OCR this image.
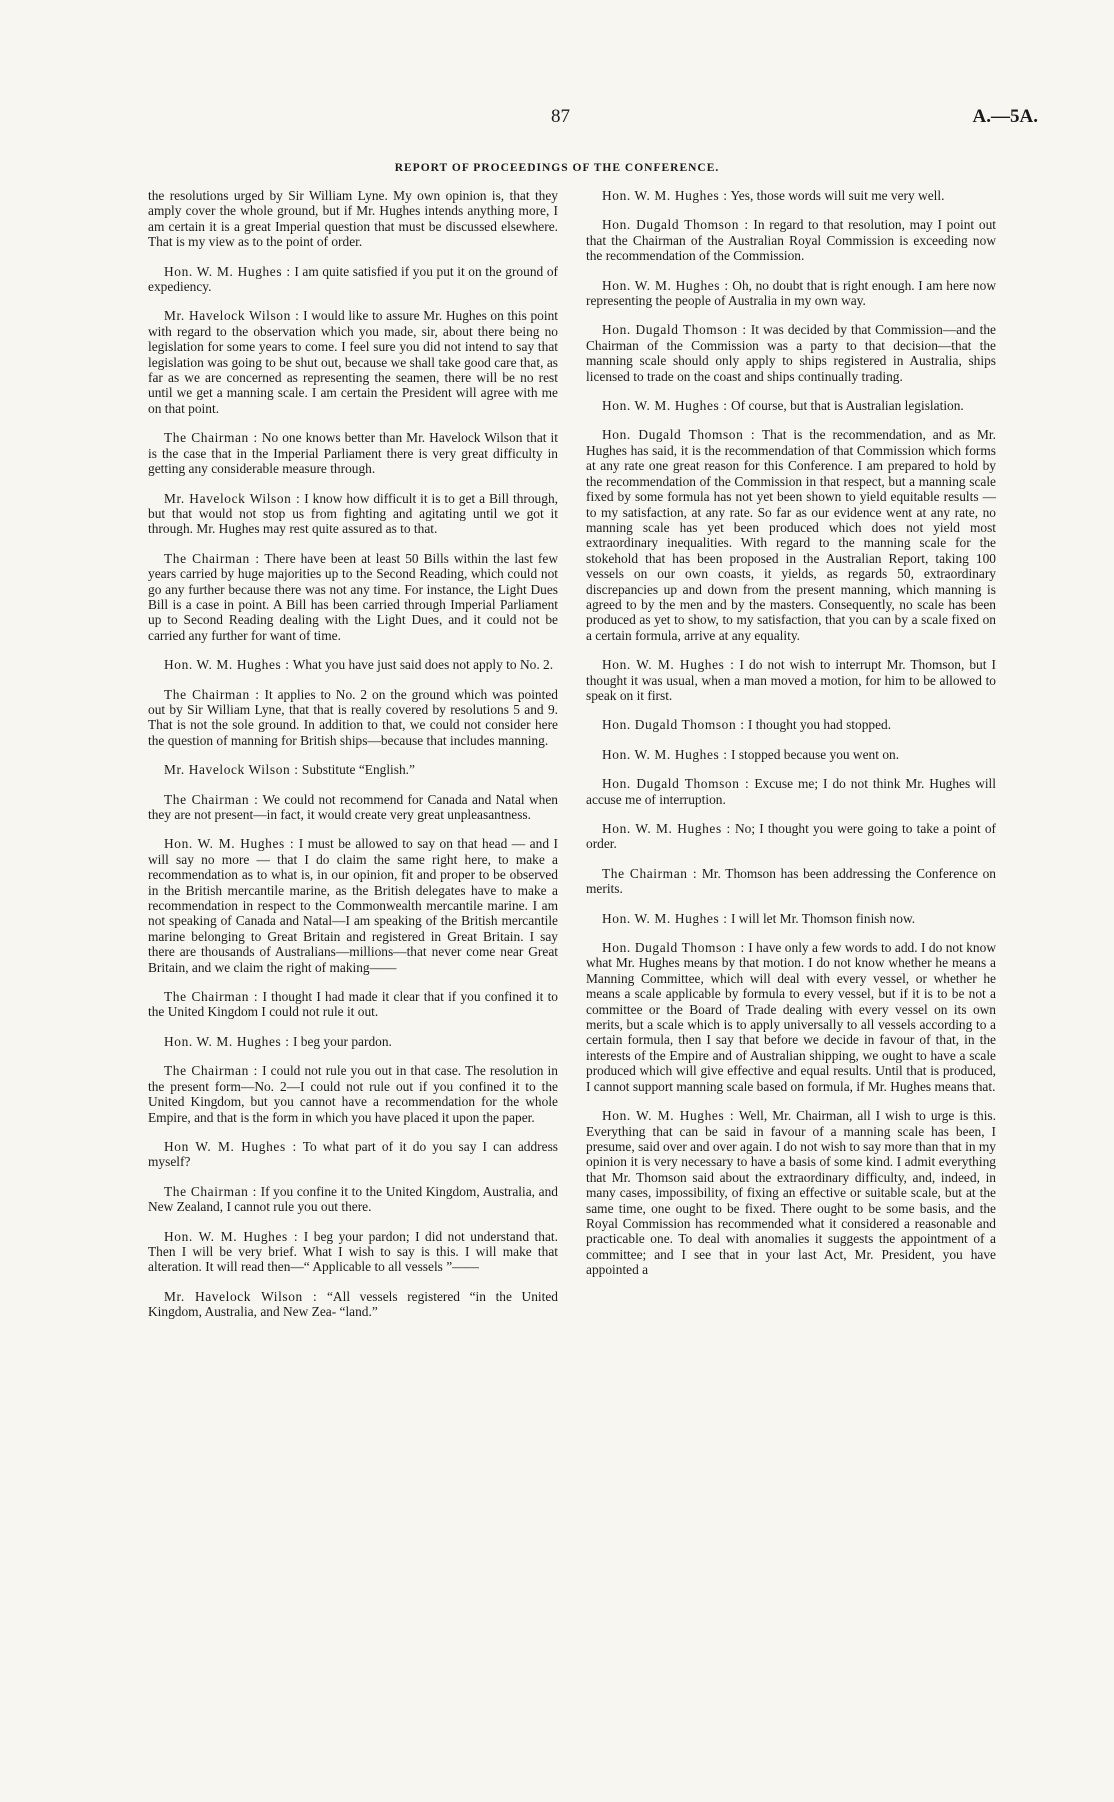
87	A.—5A.
REPORT OF PROCEEDINGS OF THE CONFERENCE.

the resolutions urged by Sir William Lyne. My own opinion is, that they amply cover the whole ground, but if Mr. Hughes intends anything more, I am certain it is a great Imperial question that must be discussed elsewhere. That is my view as to the point of order.

Hon. W. M. Hughes : I am quite satisfied if you put it on the ground of expediency.

Mr. Havelock Wilson : I would like to assure Mr. Hughes on this point with regard to the observation which you made, sir, about there being no legislation for some years to come. I feel sure you did not intend to say that legislation was going to be shut out, because we shall take good care that, as far as we are concerned as representing the seamen, there will be no rest until we get a manning scale. I am certain the President will agree with me on that point.

The Chairman : No one knows better than Mr. Havelock Wilson that it is the case that in the Imperial Parliament there is very great difficulty in getting any considerable measure through.

Mr. Havelock Wilson : I know how difficult it is to get a Bill through, but that would not stop us from fighting and agitating until we got it through. Mr. Hughes may rest quite assured as to that.

The Chairman : There have been at least 50 Bills within the last few years carried by huge majorities up to the Second Reading, which could not go any further because there was not any time. For instance, the Light Dues Bill is a case in point. A Bill has been carried through Imperial Parliament up to Second Reading dealing with the Light Dues, and it could not be carried any further for want of time.

Hon. W. M. Hughes : What you have just said does not apply to No. 2.

The Chairman : It applies to No. 2 on the ground which was pointed out by Sir William Lyne, that that is really covered by resolutions 5 and 9. That is not the sole ground. In addition to that, we could not consider here the question of manning for British ships—because that includes manning.

Mr. Havelock Wilson : Substitute “English.”

The Chairman : We could not recommend for Canada and Natal when they are not present—in fact, it would create very great unpleasantness.

Hon. W. M. Hughes : I must be allowed to say on that head — and I will say no more — that I do claim the same right here, to make a recommendation as to what is, in our opinion, fit and proper to be observed in the British mercantile marine, as the British delegates have to make a recommendation in respect to the Commonwealth mercantile marine. I am not speaking of Canada and Natal—I am speaking of the British mercantile marine belonging to Great Britain and registered in Great Britain. I say there are thousands of Australians—millions—that never come near Great Britain, and we claim the right of making——

The Chairman : I thought I had made it clear that if you confined it to the United Kingdom I could not rule it out.

Hon. W. M. Hughes : I beg your pardon.

The Chairman : I could not rule you out in that case. The resolution in the present form—No. 2—I could not rule out if you confined it to the United Kingdom, but you cannot have a recommendation for the whole Empire, and that is the form in which you have placed it upon the paper.

Hon W. M. Hughes : To what part of it do you say I can address myself?

The Chairman : If you confine it to the United Kingdom, Australia, and New Zealand, I cannot rule you out there.

Hon. W. M. Hughes : I beg your pardon; I did not understand that. Then I will be very brief. What I wish to say is this. I will make that alteration. It will read then—“ Applicable to all vessels ”——

Mr. Havelock Wilson : “All vessels registered “in the United Kingdom, Australia, and New Zea- “land.”

Hon. W. M. Hughes : Yes, those words will suit me very well.

Hon. Dugald Thomson : In regard to that resolution, may I point out that the Chairman of the Australian Royal Commission is exceeding now the recommendation of the Commission.

Hon. W. M. Hughes : Oh, no doubt that is right enough. I am here now representing the people of Australia in my own way.

Hon. Dugald Thomson : It was decided by that Commission—and the Chairman of the Commission was a party to that decision—that the manning scale should only apply to ships registered in Australia, ships licensed to trade on the coast and ships continually trading.

Hon. W. M. Hughes : Of course, but that is Australian legislation.

Hon. Dugald Thomson : That is the recommendation, and as Mr. Hughes has said, it is the recommendation of that Commission which forms at any rate one great reason for this Conference. I am prepared to hold by the recommendation of the Commission in that respect, but a manning scale fixed by some formula has not yet been shown to yield equitable results — to my satisfaction, at any rate. So far as our evidence went at any rate, no manning scale has yet been produced which does not yield most extraordinary inequalities. With regard to the manning scale for the stokehold that has been proposed in the Australian Report, taking 100 vessels on our own coasts, it yields, as regards 50, extraordinary discrepancies up and down from the present manning, which manning is agreed to by the men and by the masters. Consequently, no scale has been produced as yet to show, to my satisfaction, that you can by a scale fixed on a certain formula, arrive at any equality.

Hon. W. M. Hughes : I do not wish to interrupt Mr. Thomson, but I thought it was usual, when a man moved a motion, for him to be allowed to speak on it first.

Hon. Dugald Thomson : I thought you had stopped.

Hon. W. M. Hughes : I stopped because you went on.

Hon. Dugald Thomson : Excuse me; I do not think Mr. Hughes will accuse me of interruption.

Hon. W. M. Hughes : No; I thought you were going to take a point of order.

The Chairman : Mr. Thomson has been addressing the Conference on merits.

Hon. W. M. Hughes : I will let Mr. Thomson finish now.

Hon. Dugald Thomson : I have only a few words to add. I do not know what Mr. Hughes means by that motion. I do not know whether he means a Manning Committee, which will deal with every vessel, or whether he means a scale applicable by formula to every vessel, but if it is to be not a committee or the Board of Trade dealing with every vessel on its own merits, but a scale which is to apply universally to all vessels according to a certain formula, then I say that before we decide in favour of that, in the interests of the Empire and of Australian shipping, we ought to have a scale produced which will give effective and equal results. Until that is produced, I cannot support manning scale based on formula, if Mr. Hughes means that.

Hon. W. M. Hughes : Well, Mr. Chairman, all I wish to urge is this. Everything that can be said in favour of a manning scale has been, I presume, said over and over again. I do not wish to say more than that in my opinion it is very necessary to have a basis of some kind. I admit everything that Mr. Thomson said about the extraordinary difficulty, and, indeed, in many cases, impossibility, of fixing an effective or suitable scale, but at the same time, one ought to be fixed. There ought to be some basis, and the Royal Commission has recommended what it considered a reasonable and practicable one. To deal with anomalies it suggests the appointment of a committee; and I see that in your last Act, Mr. President, you have appointed a
